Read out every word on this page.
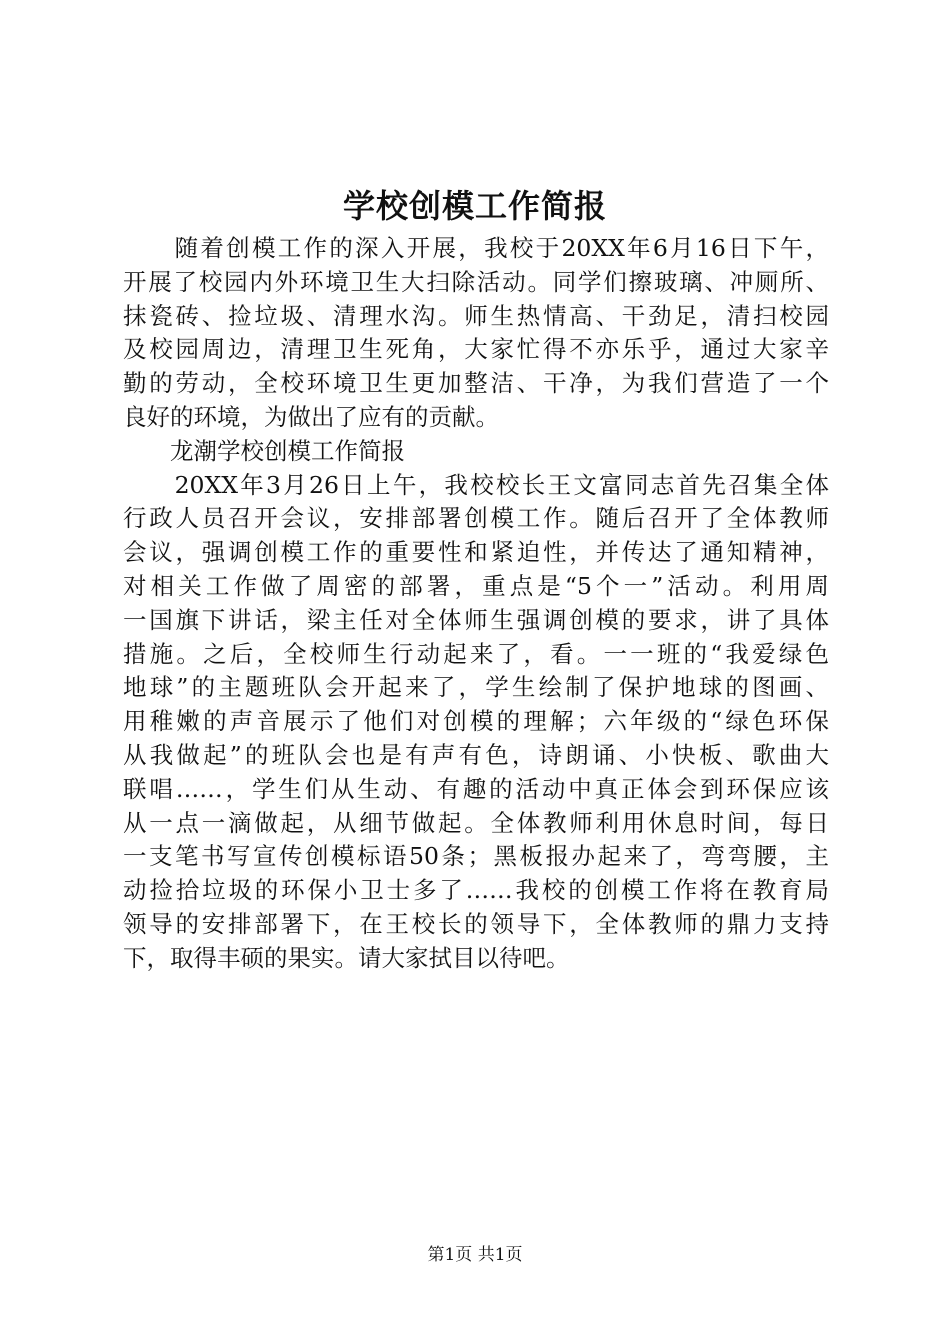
学校创模工作简报
　　随着创模工作的深入开展，我校于20XX年6月16日下午，
开展了校园内外环境卫生大扫除活动。同学们擦玻璃、冲厕所、
抹瓷砖、捡垃圾、清理水沟。师生热情高、干劲足，清扫校园
及校园周边，清理卫生死角，大家忙得不亦乐乎，通过大家辛
勤的劳动，全校环境卫生更加整洁、干净，为我们营造了一个
良好的环境，为做出了应有的贡献。
　　龙潮学校创模工作简报
　　20XX年3月26日上午，我校校长王文富同志首先召集全体
行政人员召开会议，安排部署创模工作。随后召开了全体教师
会议，强调创模工作的重要性和紧迫性，并传达了通知精神，
对相关工作做了周密的部署，重点是“5个一”活动。利用周
一国旗下讲话，梁主任对全体师生强调创模的要求，讲了具体
措施。之后，全校师生行动起来了，看。一一班的“我爱绿色
地球”的主题班队会开起来了，学生绘制了保护地球的图画、
用稚嫩的声音展示了他们对创模的理解；六年级的“绿色环保
从我做起”的班队会也是有声有色，诗朗诵、小快板、歌曲大
联唱……，学生们从生动、有趣的活动中真正体会到环保应该
从一点一滴做起，从细节做起。全体教师利用休息时间，每日
一支笔书写宣传创模标语50条；黑板报办起来了，弯弯腰，主
动捡拾垃圾的环保小卫士多了……我校的创模工作将在教育局
领导的安排部署下，在王校长的领导下，全体教师的鼎力支持
下，取得丰硕的果实。请大家拭目以待吧。
第1页 共1页
